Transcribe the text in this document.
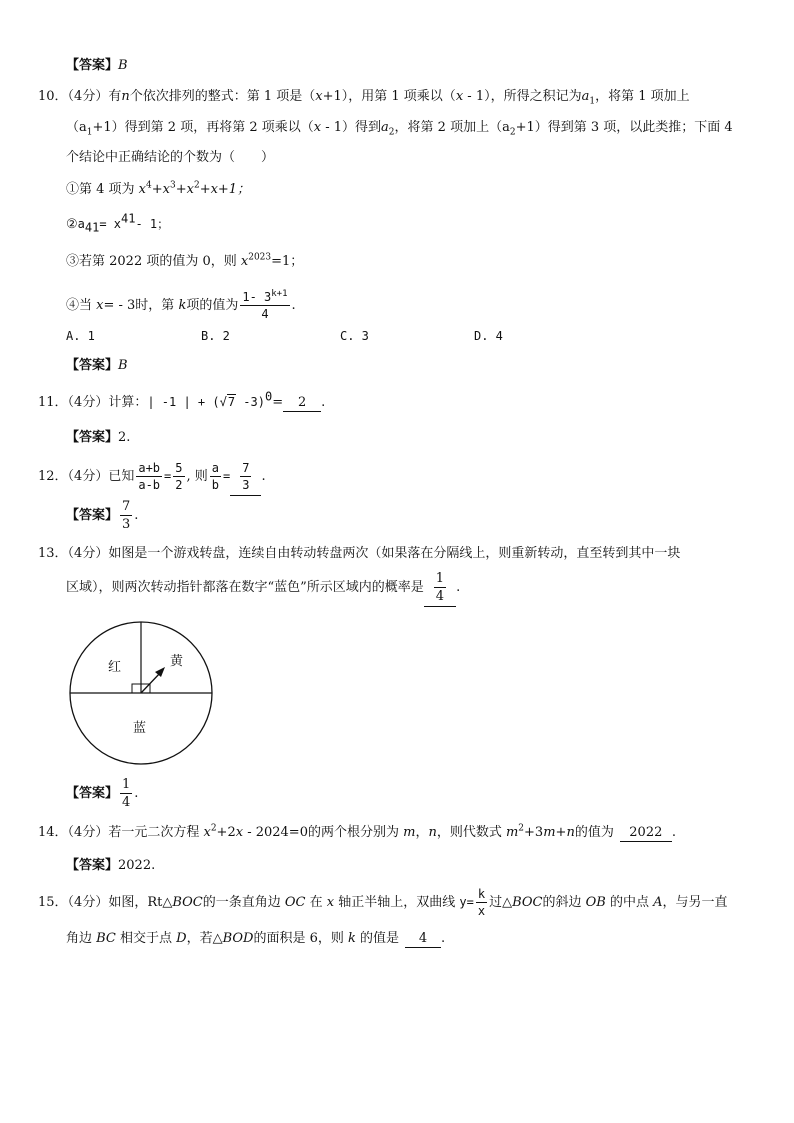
【答案】B
10．（4分）有n个依次排列的整式：第 1 项是（x+1），用第 1 项乘以（x - 1），所得之积记为$a_1$，将第 1 项加上
$(a_1+1)$得到第 2 项，再将第 2 项乘以（x - 1）得到$a_2$，将第 2 项加上$(a_2+1)$得到第 3 项，以此类推；下面 4
个结论中正确结论的个数为（　　）
①第 4 项为 $x^4+x^3+x^2+x+1$；
$②a_{41}= x^{41}-$ 1；
③若第 2022 项的值为 0，则 $x^{2023}=1$；
④当 x= - 3时，第 k项的值为 $\frac{1- 3^{k+1}}{4}$ .
A. 1	B. 2	C. 3	D. 4
【答案】B
11．（4分）计算：| -1 | + (√7 -3)$^0$= 2 .
【答案】2.
12．（4分）已知 $\frac{a+b}{a-b} = \frac{5}{2}$ , 则 $\frac{a}{b} = \frac{7}{3}$ .
【答案】 $\frac{7}{3}$ .
13．（4分）如图是一个游戏转盘，连续自由转动转盘两次（如果落在分隔线上，则重新转动，直至转到其中一块
区域），则两次转动指针都落在数字“蓝色”所示区域内的概率是 $\frac{1}{4}$ .
红	黄
蓝
【答案】 $\frac{1}{4}$ .
14．（4分）若一元二次方程 $x^2+2x - 2024=0$的两个根分别为 m，n，则代数式 $m^2+3m+n$的值为 2022 .
【答案】2022.
15．（4分）如图，Rt△BOC的一条直角边 OC 在 x 轴正半轴上，双曲线 $y= \frac{k}{x}$ 过△BOC的斜边 OB 的中点 A，与另一直
角边 BC 相交于点 D，若△BOD的面积是 6，则 k 的值是 4 .
